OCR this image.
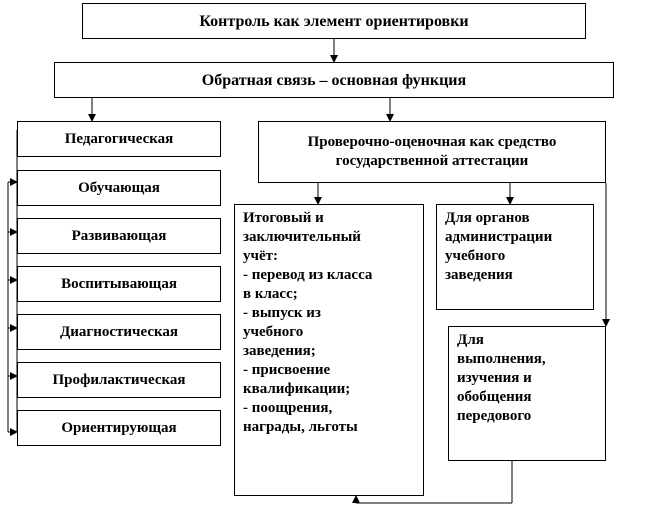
Контроль как элемент ориентировки
Обратная связь – основная функция
Педагогическая
Обучающая
Развивающая
Воспитывающая
Диагностическая
Профилактическая
Ориентирующая
Проверочно-оценочная как средство
государственной аттестации
Итоговый и
заключительный
учёт:
- перевод из класса
в класс;
- выпуск из
учебного
заведения;
- присвоение
квалификации;
- поощрения,
награды, льготы
Для органов
администрации
учебного
заведения
Для
выполнения,
изучения и
обобщения
передового
